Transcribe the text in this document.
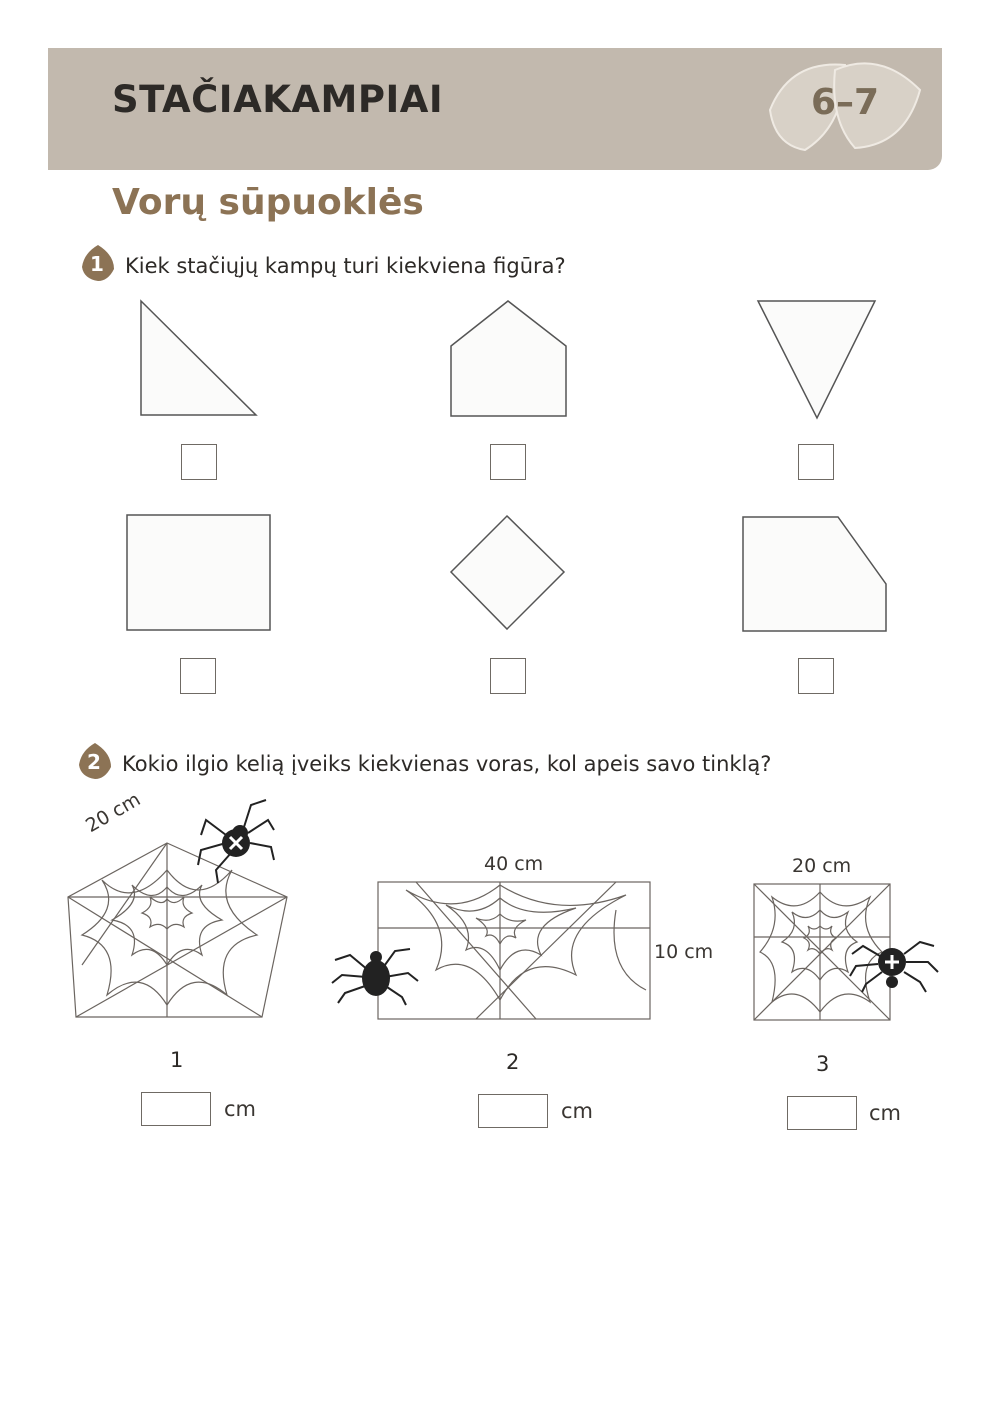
STAČIAKAMPIAI	6–7
Vorų sūpuoklės
1 Kiek stačiųjų kampų turi kiekviena figūra?
2 Kokio ilgio kelią įveiks kiekvienas voras, kol apeis savo tinklą?
20 cm
40 cm
10 cm
20 cm
1	2	3
cm	cm	cm
